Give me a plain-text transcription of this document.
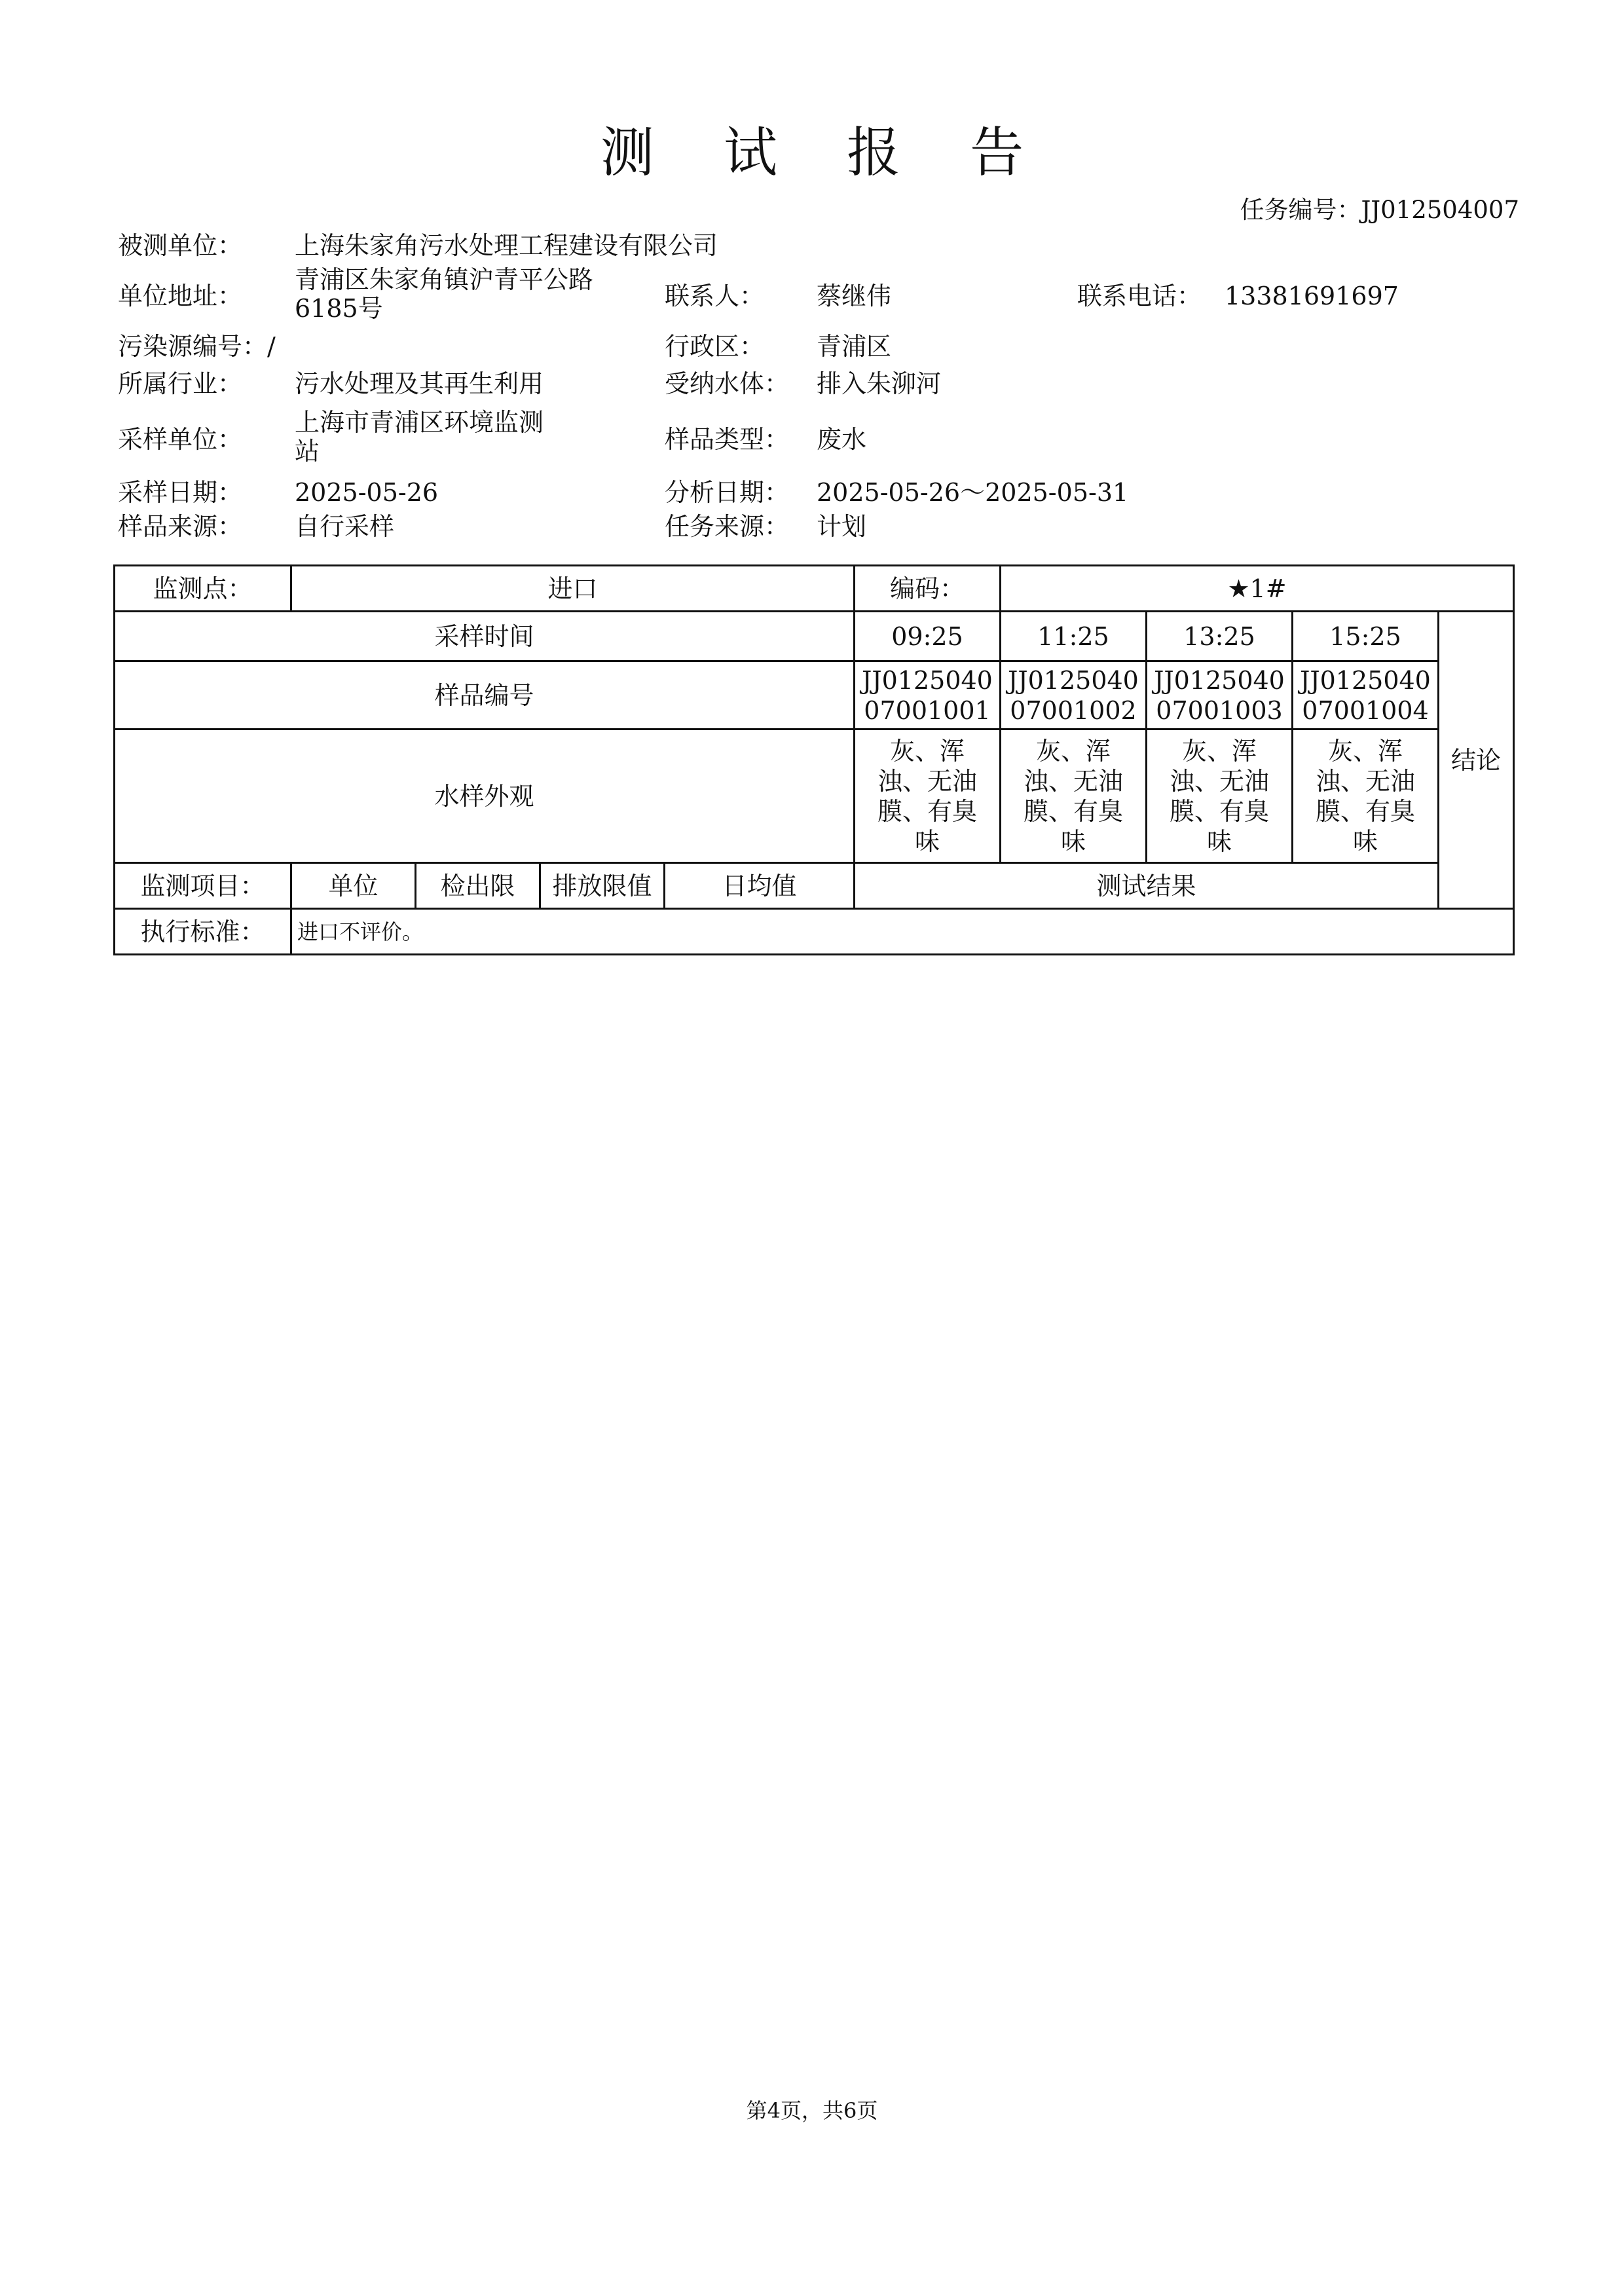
测 试 报 告
任务编号：JJ012504007
被测单位： 上海朱家角污水处理工程建设有限公司
单位地址：
青浦区朱家角镇沪青平公路
6185号	联系人： 蔡继伟	联系电话： 13381691697
污染源编号：/	行政区： 青浦区
所属行业： 污水处理及其再生利用	受纳水体： 排入朱泖河
采样单位：
上海市青浦区环境监测
站	样品类型： 废水
采样日期： 2025-05-26	分析日期： 2025-05-26～2025-05-31
样品来源： 自行采样	任务来源： 计划
监测点：	进口				编码：	★1#			
采样时间					09:25	11:25	13:25	15:25	结论
样品编号					JJ0125040
07001001	JJ0125040
07001002	JJ0125040
07001003	JJ0125040
07001004	
水样外观					灰、浑
浊、无油
膜、有臭
味	灰、浑
浊、无油
膜、有臭
味	灰、浑
浊、无油
膜、有臭
味	灰、浑
浊、无油
膜、有臭
味	
监测项目：	单位	检出限	排放限值	日均值	测试结果				
执行标准：	进口不评价。								
第4页，共6页
